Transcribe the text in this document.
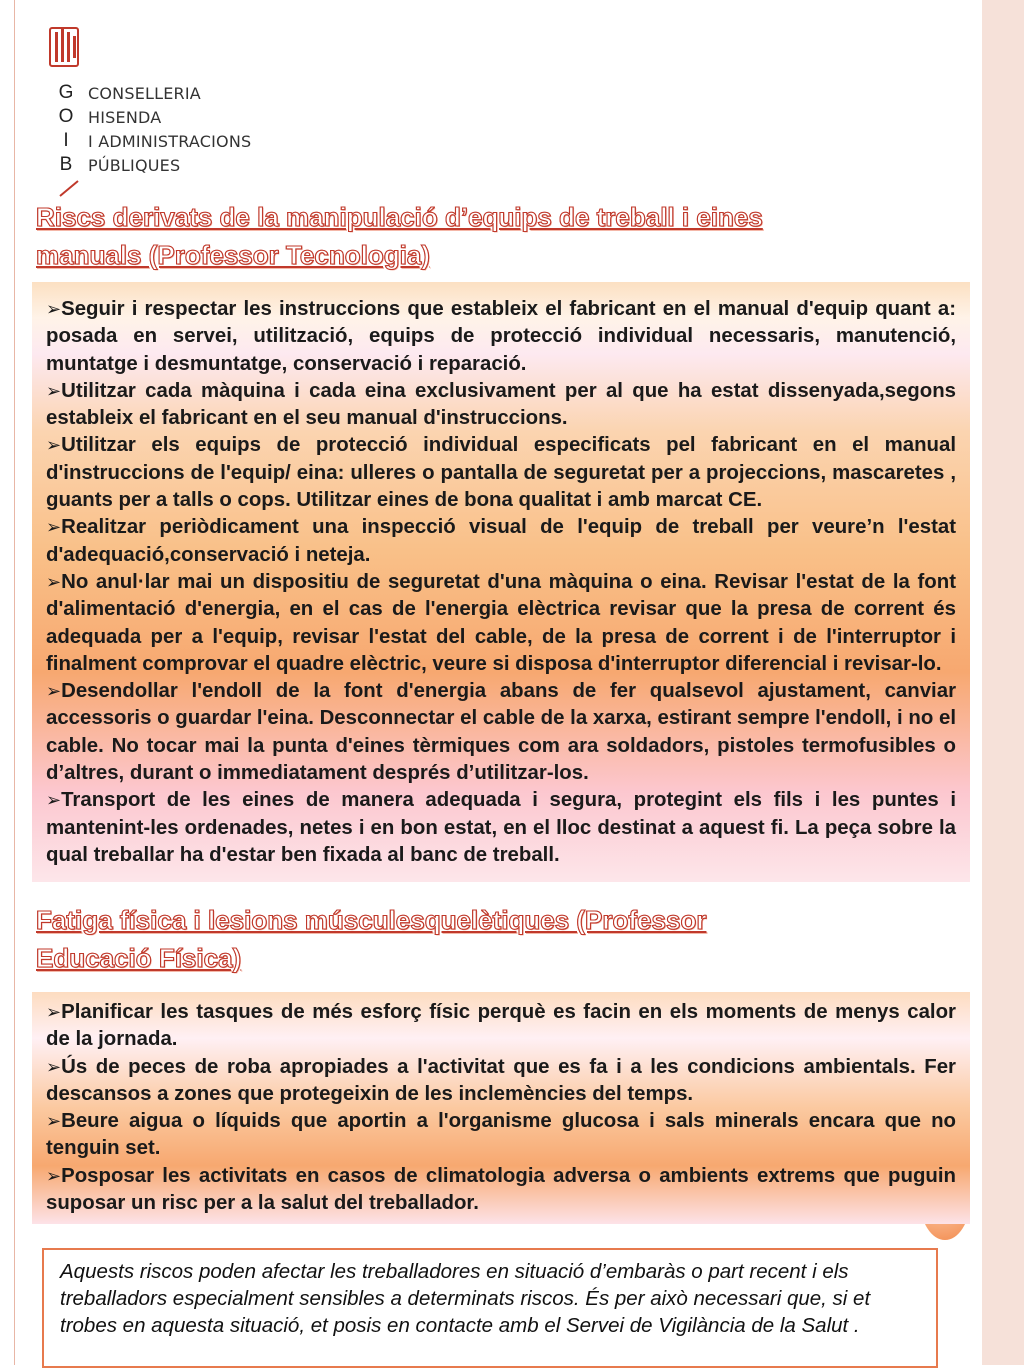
G
O
I
B
CONSELLERIA
HISENDA
I ADMINISTRACIONS
PÚBLIQUES
Riscs derivats de la manipulació d’equips de treball i eines
manuals (Professor Tecnologia)
➢Seguir i respectar les instruccions que estableix el fabricant en el manual d'equip quant a: posada en servei, utilització, equips de protecció individual necessaris, manutenció, muntatge i desmuntatge, conservació i reparació.
➢Utilitzar cada màquina i cada eina exclusivament per al que ha estat dissenyada,segons estableix el fabricant en el seu manual d'instruccions.
➢Utilitzar els equips de protecció individual especificats pel fabricant en el manual d'instruccions de l'equip/ eina: ulleres o pantalla de seguretat per a projeccions, mascaretes , guants per a talls o cops. Utilitzar eines de bona qualitat i amb marcat CE.
➢Realitzar periòdicament una inspecció visual de l'equip de treball per veure’n l'estat d'adequació,conservació i neteja.
➢No anul·lar mai un dispositiu de seguretat d'una màquina o eina. Revisar l'estat de la font d'alimentació d'energia, en el cas de l'energia elèctrica revisar que la presa de corrent és adequada per a l'equip, revisar l'estat del cable, de la presa de corrent i de l'interruptor i finalment comprovar el quadre elèctric, veure si disposa d'interruptor diferencial i revisar-lo.
➢Desendollar l'endoll de la font d'energia abans de fer qualsevol ajustament, canviar accessoris o guardar l'eina. Desconnectar el cable de la xarxa, estirant sempre l'endoll, i no el cable. No tocar mai la punta d'eines tèrmiques com ara soldadors, pistoles termofusibles o d’altres, durant o immediatament després d’utilitzar-los.
➢Transport de les eines de manera adequada i segura, protegint els fils i les puntes i mantenint-les ordenades, netes i en bon estat, en el lloc destinat a aquest fi. La peça sobre la qual treballar ha d'estar ben fixada al banc de treball.
Fatiga física i lesions músculesquelètiques (Professor
Educació Física)
➢Planificar les tasques de més esforç físic perquè es facin en els moments de menys calor de la jornada.
➢Ús de peces de roba apropiades a l'activitat que es fa i a les condicions ambientals. Fer descansos a zones que protegeixin de les inclemències del temps.
➢Beure aigua o líquids que aportin a l'organisme glucosa i sals minerals encara que no tenguin set.
➢Posposar les activitats en casos de climatologia adversa o ambients extrems que puguin suposar un risc per a la salut del treballador.

Aquests riscos poden afectar les treballadores en situació d’embaràs o part recent i els treballadors especialment sensibles a determinats riscos. És per això necessari que, si et trobes en aquesta situació, et posis en contacte amb el Servei de Vigilància de la Salut .
